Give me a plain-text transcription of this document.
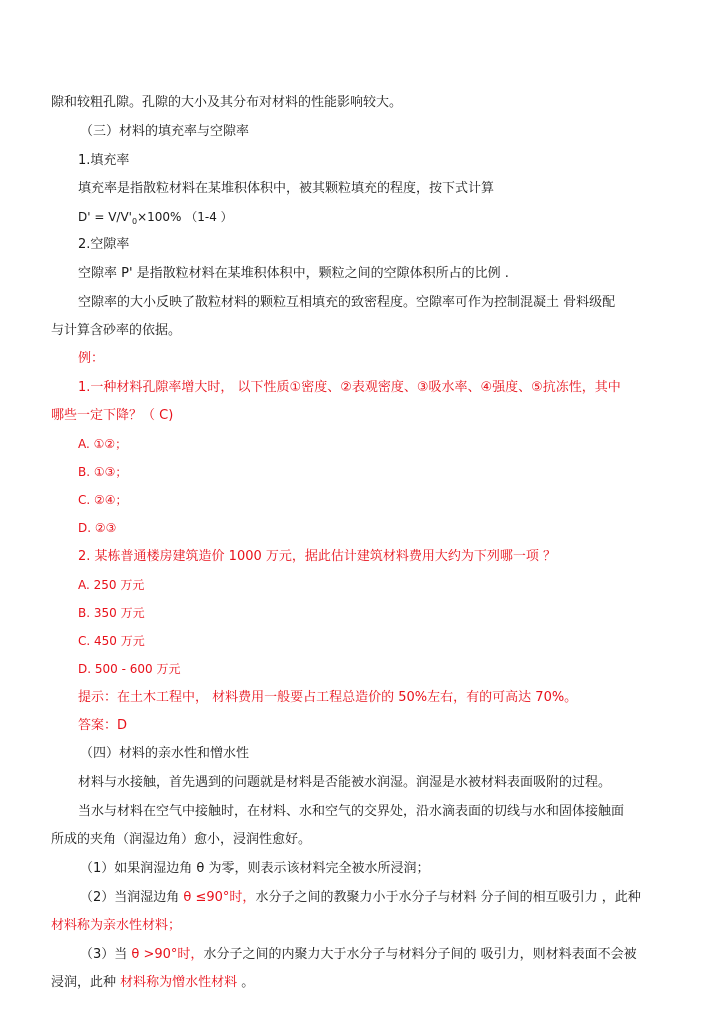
隙和较粗孔隙。孔隙的大小及其分布对材料的性能影响较大。
（三）材料的填充率与空隙率
1.填充率
填充率是指散粒材料在某堆积体积中，被其颗粒填充的程度，按下式计算
$D' = V/V'_0\times 100\%$ （1-4 ）
2.空隙率
空隙率 P' 是指散粒材料在某堆积体积中，颗粒之间的空隙体积所占的比例 .
空隙率的大小反映了散粒材料的颗粒互相填充的致密程度。空隙率可作为控制混凝土 骨料级配
与计算含砂率的依据。
例：
1.一种材料孔隙率增大时， 以下性质①密度、②表观密度、③吸水率、④强度、⑤抗冻性，其中
哪些一定下降？（ C)
A. ①②；
B. ①③；
C. ②④；
D. ②③
2. 某栋普通楼房建筑造价 1000 万元，据此估计建筑材料费用大约为下列哪一项 ？
A. 250 万元
B. 350 万元
C. 450 万元
D. 500 - 600 万元
提示：在土木工程中， 材料费用一般要占工程总造价的 50%左右，有的可高达 70%。
答案：D
（四）材料的亲水性和憎水性
材料与水接触，首先遇到的问题就是材料是否能被水润湿。润湿是水被材料表面吸附的过程。
当水与材料在空气中接触时，在材料、水和空气的交界处，沿水滴表面的切线与水和固体接触面
所成的夹角（润湿边角）愈小，浸润性愈好。
（1）如果润湿边角 θ 为零，则表示该材料完全被水所浸润；
（2）当润湿边角 θ ≤90°时，水分子之间的教聚力小于水分子与材料 分子间的相互吸引力 ，此种
材料称为亲水性材料；
（3）当 θ >90°时，水分子之间的内聚力大于水分子与材料分子间的 吸引力，则材料表面不会被
浸润，此种 材料称为憎水性材料 。
